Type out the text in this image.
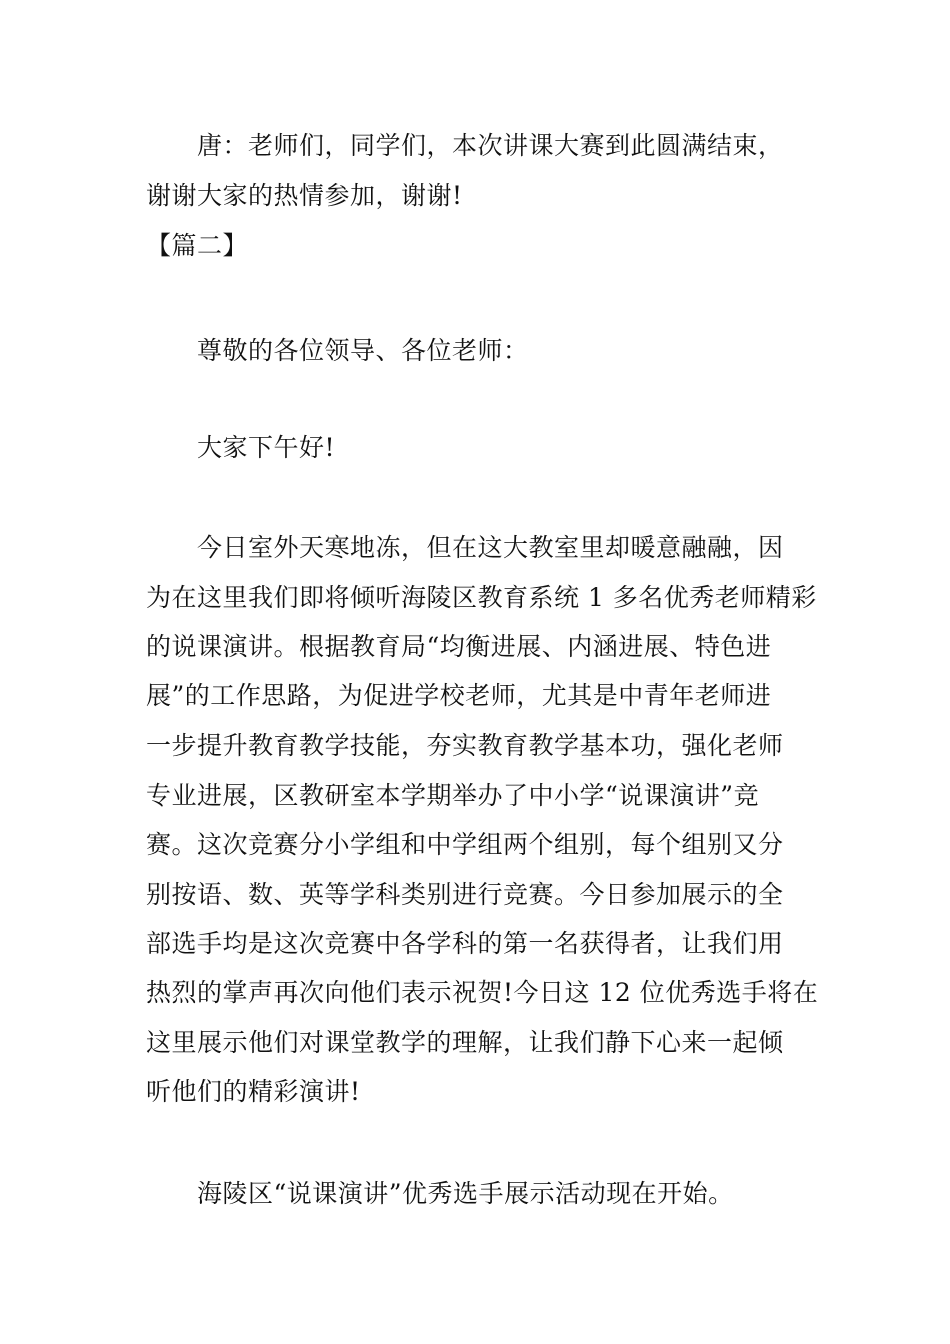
唐：老师们，同学们，本次讲课大赛到此圆满结束，
谢谢大家的热情参加，谢谢!
【篇二】
尊敬的各位领导、各位老师：
大家下午好!
今日室外天寒地冻，但在这大教室里却暖意融融，因
为在这里我们即将倾听海陵区教育系统 1 多名优秀老师精彩
的说课演讲。根据教育局“均衡进展、内涵进展、特色进
展”的工作思路，为促进学校老师，尤其是中青年老师进
一步提升教育教学技能，夯实教育教学基本功，强化老师
专业进展，区教研室本学期举办了中小学“说课演讲”竞
赛。这次竞赛分小学组和中学组两个组别，每个组别又分
别按语、数、英等学科类别进行竞赛。今日参加展示的全
部选手均是这次竞赛中各学科的第一名获得者，让我们用
热烈的掌声再次向他们表示祝贺!今日这 12 位优秀选手将在
这里展示他们对课堂教学的理解，让我们静下心来一起倾
听他们的精彩演讲!
海陵区“说课演讲”优秀选手展示活动现在开始。
